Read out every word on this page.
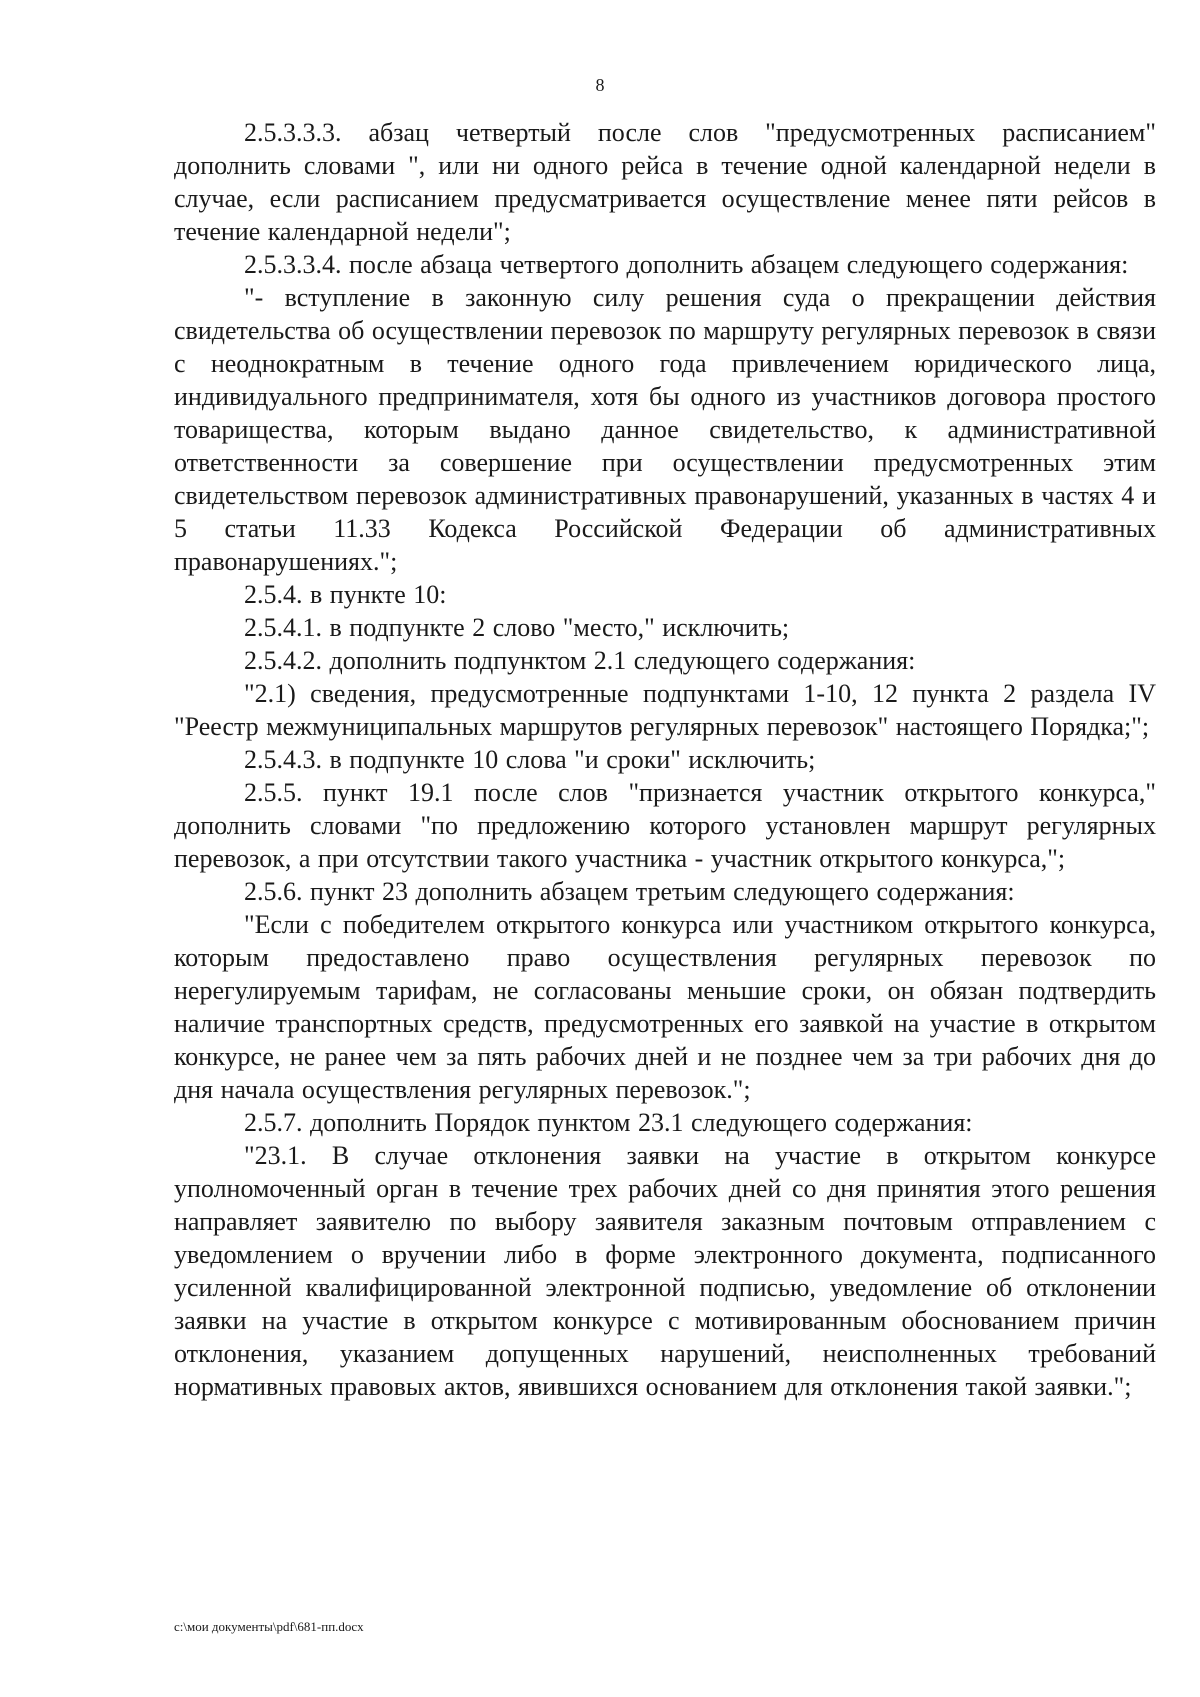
8

2.5.3.3.3. абзац четвертый после слов "предусмотренных расписанием" дополнить словами ", или ни одного рейса в течение одной календарной недели в случае, если расписанием предусматривается осуществление менее пяти рейсов в течение календарной недели";

2.5.3.3.4. после абзаца четвертого дополнить абзацем следующего содержания:

"- вступление в законную силу решения суда о прекращении действия свидетельства об осуществлении перевозок по маршруту регулярных перевозок в связи с неоднократным в течение одного года привлечением юридического лица, индивидуального предпринимателя, хотя бы одного из участников договора простого товарищества, которым выдано данное свидетельство, к административной ответственности за совершение при осуществлении предусмотренных этим свидетельством перевозок административных правонарушений, указанных в частях 4 и 5 статьи 11.33 Кодекса Российской Федерации об административных правонарушениях.";

2.5.4. в пункте 10:

2.5.4.1. в подпункте 2 слово "место," исключить;

2.5.4.2. дополнить подпунктом 2.1 следующего содержания:

"2.1) сведения, предусмотренные подпунктами 1-10, 12 пункта 2 раздела IV "Реестр межмуниципальных маршрутов регулярных перевозок" настоящего Порядка;";

2.5.4.3. в подпункте 10 слова "и сроки" исключить;

2.5.5. пункт 19.1 после слов "признается участник открытого конкурса," дополнить словами "по предложению которого установлен маршрут регулярных перевозок, а при отсутствии такого участника - участник открытого конкурса,";

2.5.6. пункт 23 дополнить абзацем третьим следующего содержания:

"Если с победителем открытого конкурса или участником открытого конкурса, которым предоставлено право осуществления регулярных перевозок по нерегулируемым тарифам, не согласованы меньшие сроки, он обязан подтвердить наличие транспортных средств, предусмотренных его заявкой на участие в открытом конкурсе, не ранее чем за пять рабочих дней и не позднее чем за три рабочих дня до дня начала осуществления регулярных перевозок.";

2.5.7. дополнить Порядок пунктом 23.1 следующего содержания:

"23.1. В случае отклонения заявки на участие в открытом конкурсе уполномоченный орган в течение трех рабочих дней со дня принятия этого решения направляет заявителю по выбору заявителя заказным почтовым отправлением с уведомлением о вручении либо в форме электронного документа, подписанного усиленной квалифицированной электронной подписью, уведомление об отклонении заявки на участие в открытом конкурсе с мотивированным обоснованием причин отклонения, указанием допущенных нарушений, неисполненных требований нормативных правовых актов, явившихся основанием для отклонения такой заявки.";

c:\мои документы\pdf\681-пп.docx
